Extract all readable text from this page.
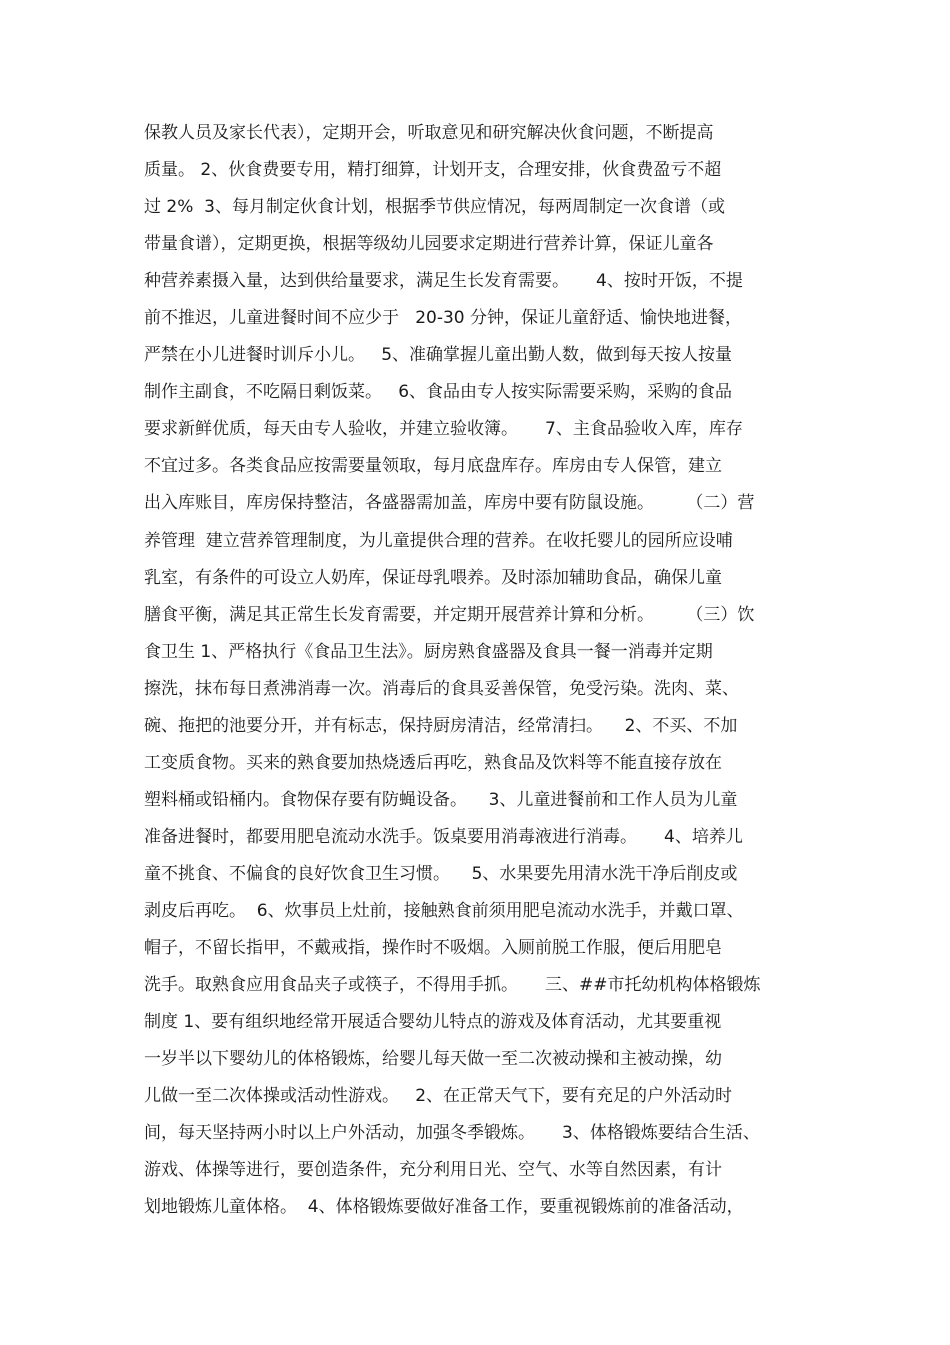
保教人员及家长代表），定期开会，听取意见和研究解决伙食问题，不断提高
质量。 2、伙食费要专用，精打细算，计划开支，合理安排，伙食费盈亏不超
过 2%  3、每月制定伙食计划，根据季节供应情况，每两周制定一次食谱（或
带量食谱），定期更换，根据等级幼儿园要求定期进行营养计算，保证儿童各
种营养素摄入量，达到供给量要求，满足生长发育需要。     4、按时开饭，不提
前不推迟，儿童进餐时间不应少于   20-30 分钟，保证儿童舒适、愉快地进餐，
严禁在小儿进餐时训斥小儿。   5、准确掌握儿童出勤人数，做到每天按人按量
制作主副食，不吃隔日剩饭菜。   6、食品由专人按实际需要采购，采购的食品
要求新鲜优质，每天由专人验收，并建立验收簿。     7、主食品验收入库，库存
不宜过多。各类食品应按需要量领取，每月底盘库存。库房由专人保管，建立
出入库账目，库房保持整洁，各盛器需加盖，库房中要有防鼠设施。      （二）营
养管理  建立营养管理制度，为儿童提供合理的营养。在收托婴儿的园所应设哺
乳室，有条件的可设立人奶库，保证母乳喂养。及时添加辅助食品，确保儿童
膳食平衡，满足其正常生长发育需要，并定期开展营养计算和分析。      （三）饮
食卫生 1、严格执行《食品卫生法》。厨房熟食盛器及食具一餐一消毒并定期
擦洗，抹布每日煮沸消毒一次。消毒后的食具妥善保管，免受污染。洗肉、菜、
碗、拖把的池要分开，并有标志，保持厨房清洁，经常清扫。    2、不买、不加
工变质食物。买来的熟食要加热烧透后再吃，熟食品及饮料等不能直接存放在
塑料桶或铅桶内。食物保存要有防蝇设备。    3、儿童进餐前和工作人员为儿童
准备进餐时，都要用肥皂流动水洗手。饭桌要用消毒液进行消毒。     4、培养儿
童不挑食、不偏食的良好饮食卫生习惯。    5、水果要先用清水洗干净后削皮或
剥皮后再吃。  6、炊事员上灶前，接触熟食前须用肥皂流动水洗手，并戴口罩、
帽子，不留长指甲，不戴戒指，操作时不吸烟。入厕前脱工作服，便后用肥皂
洗手。取熟食应用食品夹子或筷子，不得用手抓。     三、##市托幼机构体格锻炼
制度 1、要有组织地经常开展适合婴幼儿特点的游戏及体育活动，尤其要重视
一岁半以下婴幼儿的体格锻炼，给婴儿每天做一至二次被动操和主被动操，幼
儿做一至二次体操或活动性游戏。   2、在正常天气下，要有充足的户外活动时
间，每天坚持两小时以上户外活动，加强冬季锻炼。     3、体格锻炼要结合生活、
游戏、体操等进行，要创造条件，充分利用日光、空气、水等自然因素，有计
划地锻炼儿童体格。  4、体格锻炼要做好准备工作，要重视锻炼前的准备活动，
